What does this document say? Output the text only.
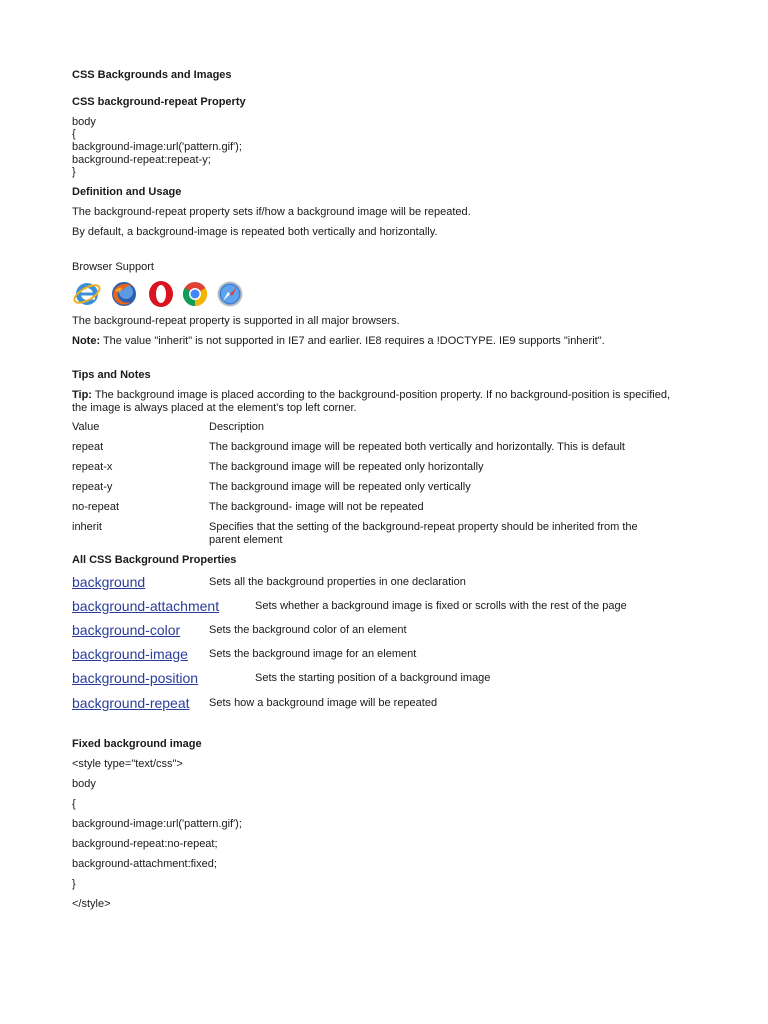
CSS Backgrounds and Images
CSS background-repeat Property
body
{
background-image:url('pattern.gif');
background-repeat:repeat-y;
}
Definition and Usage
The background-repeat property sets if/how a background image will be repeated.
By default, a background-image is repeated both vertically and horizontally.
Browser Support
The background-repeat property is supported in all major browsers.
Note: The value "inherit" is not supported in IE7 and earlier. IE8 requires a !DOCTYPE. IE9 supports "inherit".
Tips and Notes
Tip: The background image is placed according to the background-position property. If no background-position is specified, the image is always placed at the element's top left corner.
Value	Description
repeat	The background image will be repeated both vertically and horizontally. This is default
repeat-x	The background image will be repeated only horizontally
repeat-y	The background image will be repeated only vertically
no-repeat	The background- image will not be repeated
inherit	Specifies that the setting of the background-repeat property should be inherited from the parent element
All CSS Background Properties
background	Sets all the background properties in one declaration
background-attachment	Sets whether a background image is fixed or scrolls with the rest of the page
background-color	Sets the background color of an element
background-image Sets the background image for an element
background-position	Sets the starting position of a background image
background-repeat Sets how a background image will be repeated
Fixed background image
<style type="text/css">
body
{
background-image:url('pattern.gif');
background-repeat:no-repeat;
background-attachment:fixed;
}
</style>
